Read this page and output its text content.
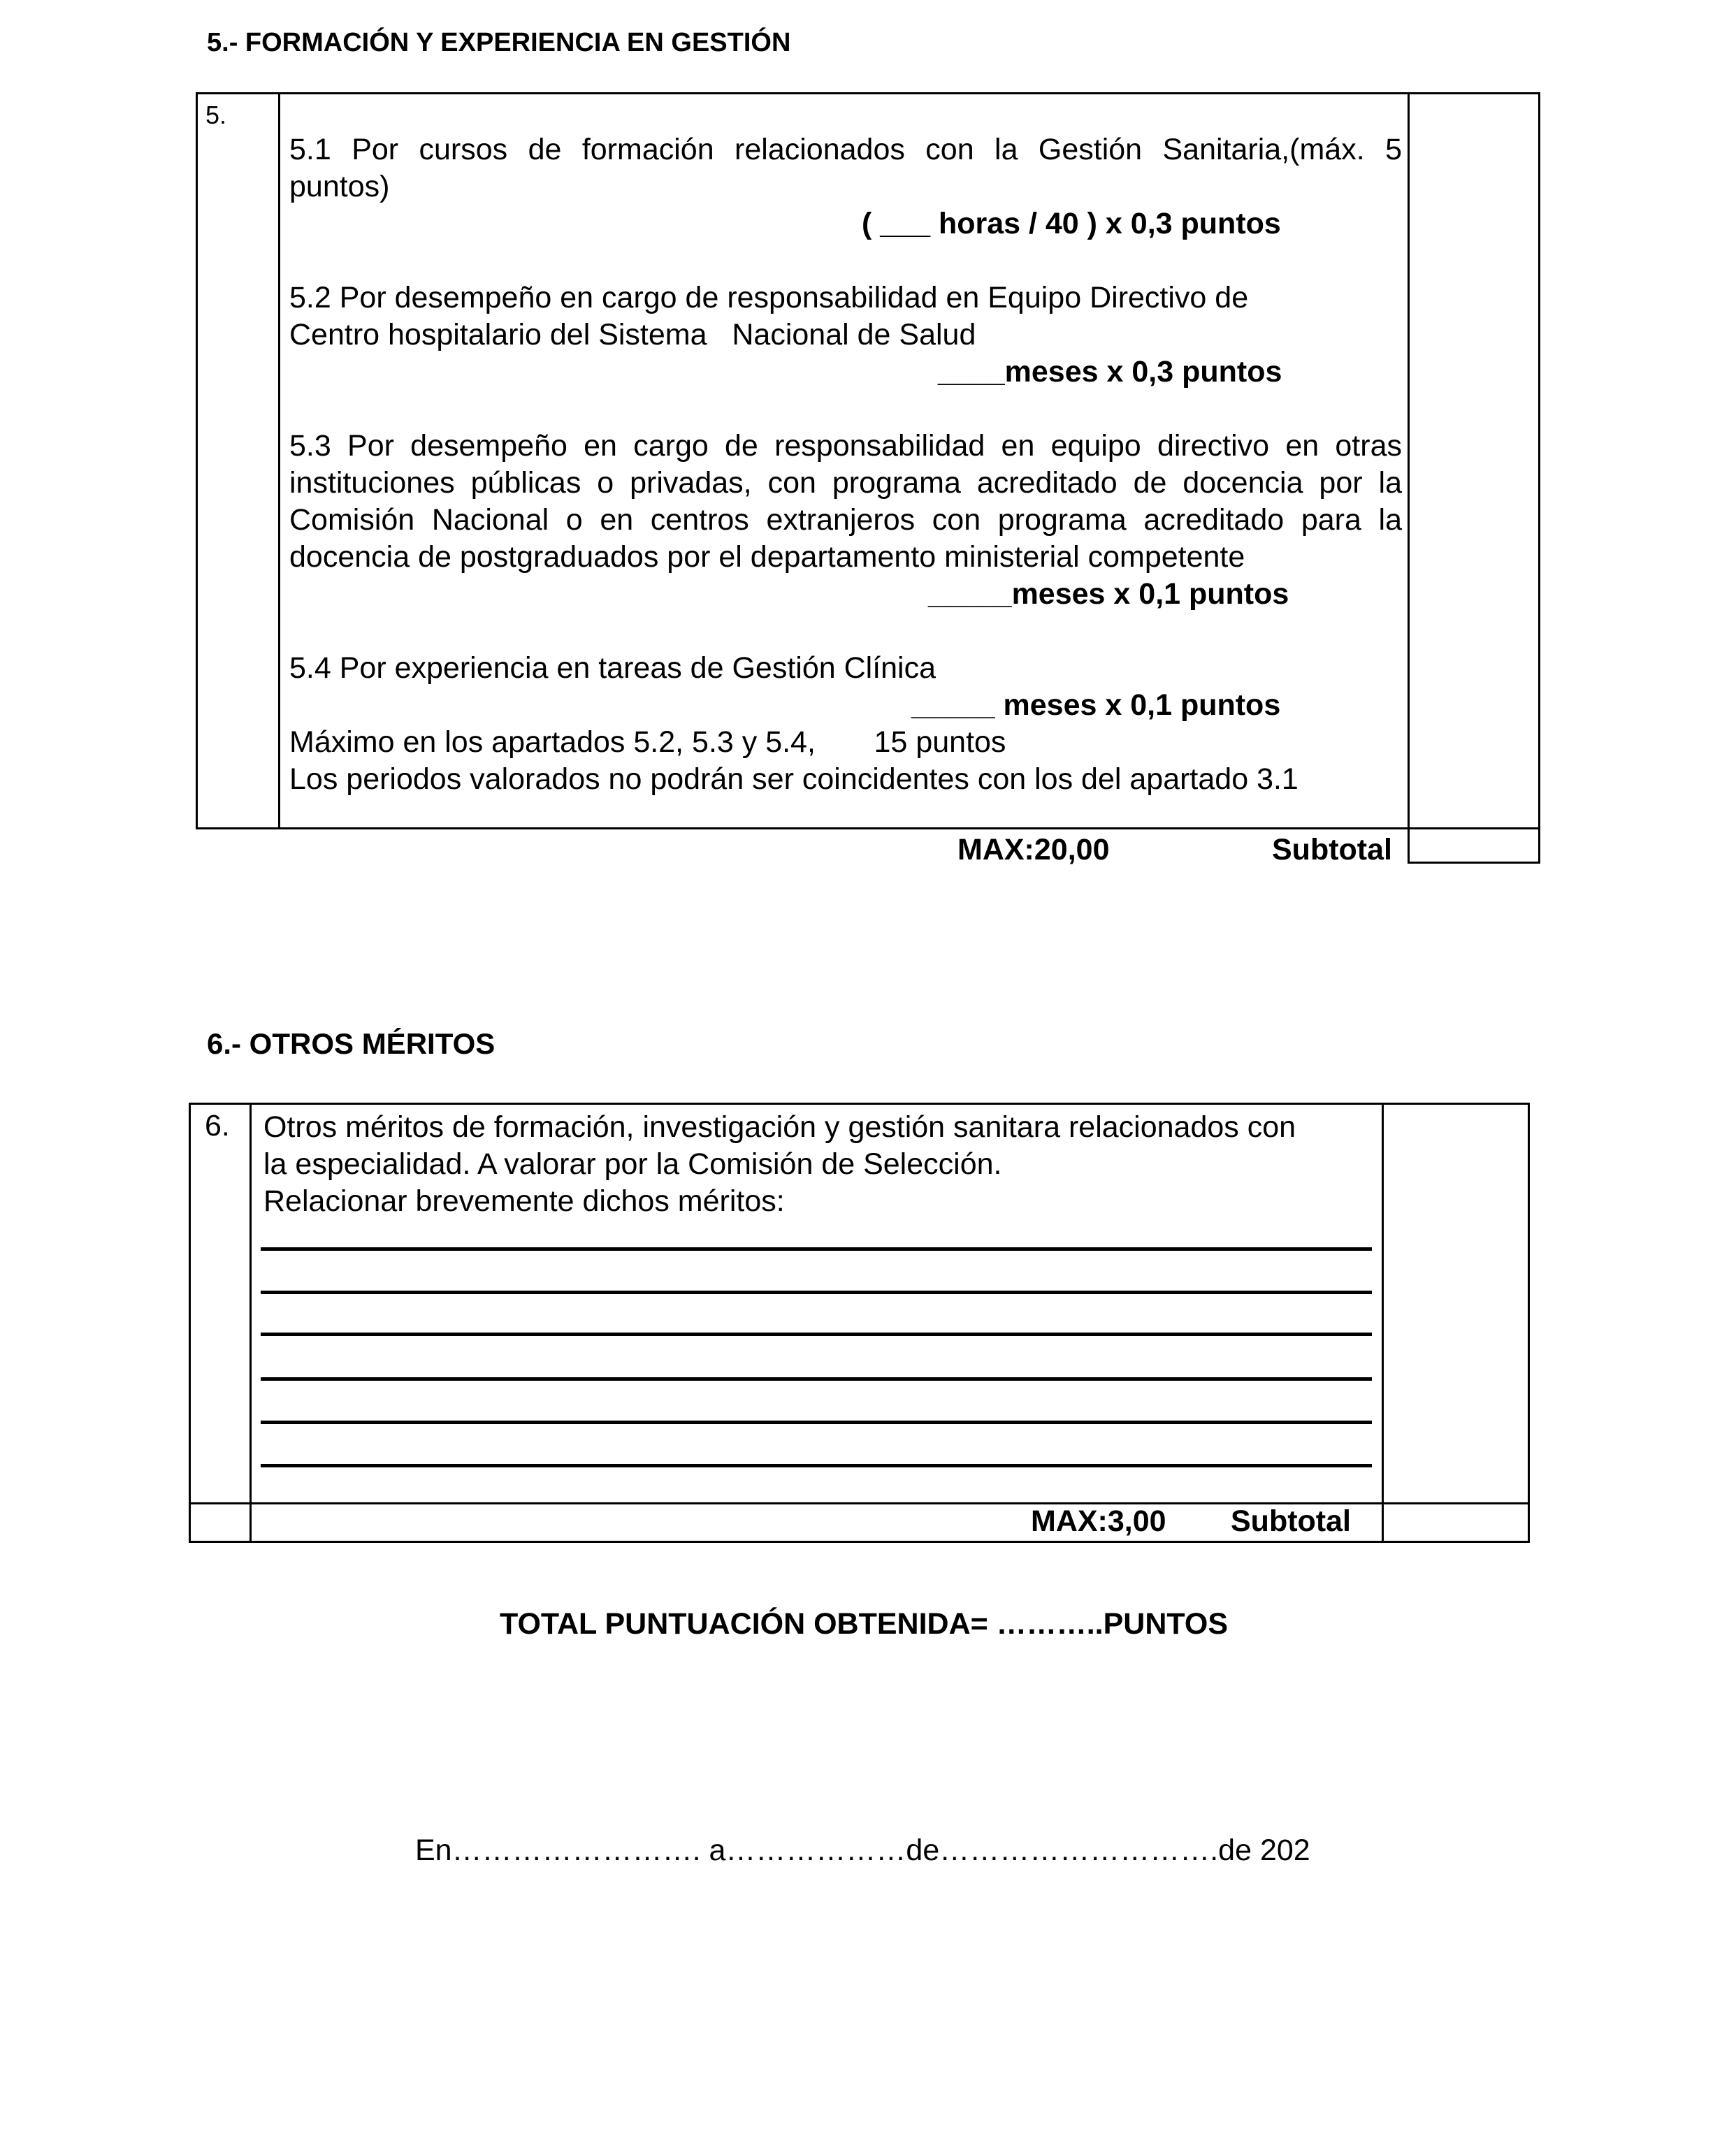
5.- FORMACIÓN Y EXPERIENCIA EN GESTIÓN
5.

5.1 Por cursos de formación relacionados con la Gestión Sanitaria,(máx. 5

puntos)

( ___ horas / 40 ) x 0,3 puntos

5.2 Por desempeño en cargo de responsabilidad en Equipo Directivo de

Centro hospitalario del Sistema   Nacional de Salud

____meses x 0,3 puntos

5.3 Por desempeño en cargo de responsabilidad en equipo directivo en otras

instituciones públicas o privadas, con programa acreditado de docencia por la

Comisión Nacional o en centros extranjeros con programa acreditado para la

docencia de postgraduados por el departamento ministerial competente

_____meses x 0,1 puntos

5.4 Por experiencia en tareas de Gestión Clínica

_____ meses x 0,1 puntos

Máximo en los apartados 5.2, 5.3 y 5.4,       15 puntos

Los periodos valorados no podrán ser coincidentes con los del apartado 3.1

MAX:20,00	Subtotal
6.- OTROS MÉRITOS
6. Otros méritos de formación, investigación y gestión sanitara relacionados con

la especialidad. A valorar por la Comisión de Selección.

Relacionar brevemente dichos méritos:

MAX:3,00 Subtotal
TOTAL PUNTUACIÓN OBTENIDA= ………..PUNTOS
En……………………. a………………de……………………….de 202
